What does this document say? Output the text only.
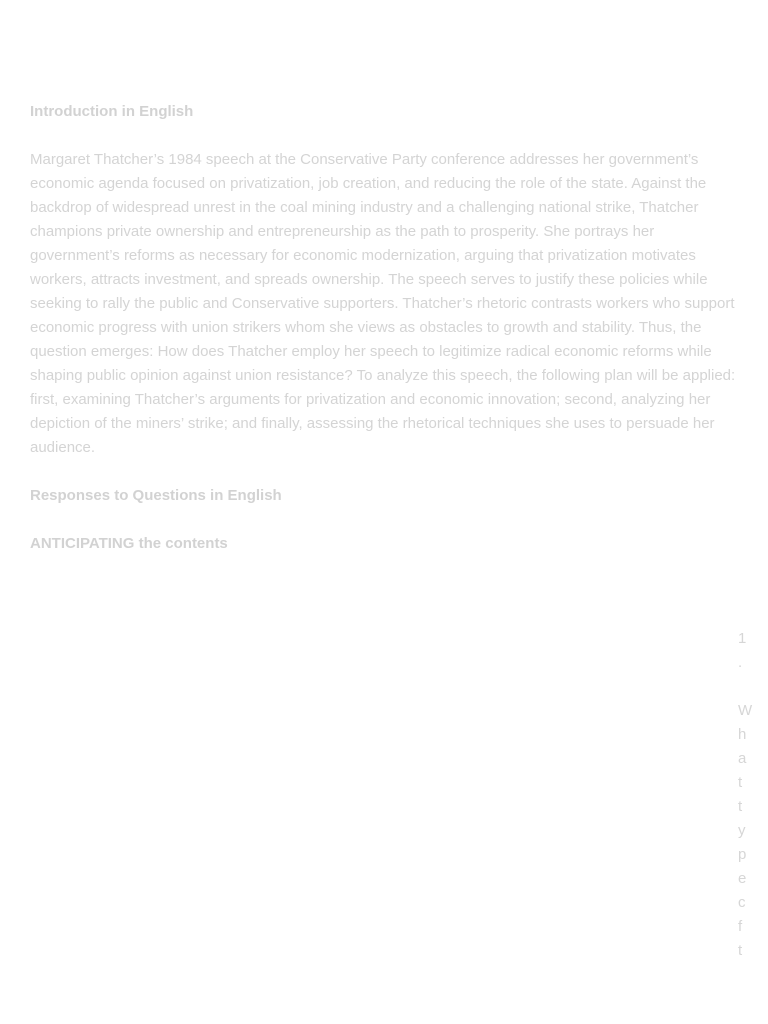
Introduction in English

Margaret Thatcher’s 1984 speech at the Conservative Party conference addresses her government’s economic agenda focused on privatization, job creation, and reducing the role of the state. Against the backdrop of widespread unrest in the coal mining industry and a challenging national strike, Thatcher champions private ownership and entrepreneurship as the path to prosperity. She portrays her government’s reforms as necessary for economic modernization, arguing that privatization motivates workers, attracts investment, and spreads ownership. The speech serves to justify these policies while seeking to rally the public and Conservative supporters. Thatcher’s rhetoric contrasts workers who support economic progress with union strikers whom she views as obstacles to growth and stability. Thus, the question emerges: How does Thatcher employ her speech to legitimize radical economic reforms while shaping public opinion against union resistance? To analyze this speech, the following plan will be applied: first, examining Thatcher’s arguments for privatization and economic innovation; second, analyzing her depiction of the miners’ strike; and finally, assessing the rhetorical techniques she uses to persuade her audience.

Responses to Questions in English

ANTICIPATING the contents

1
.
W
h
a
t
t
y
p
e
c
f
t
